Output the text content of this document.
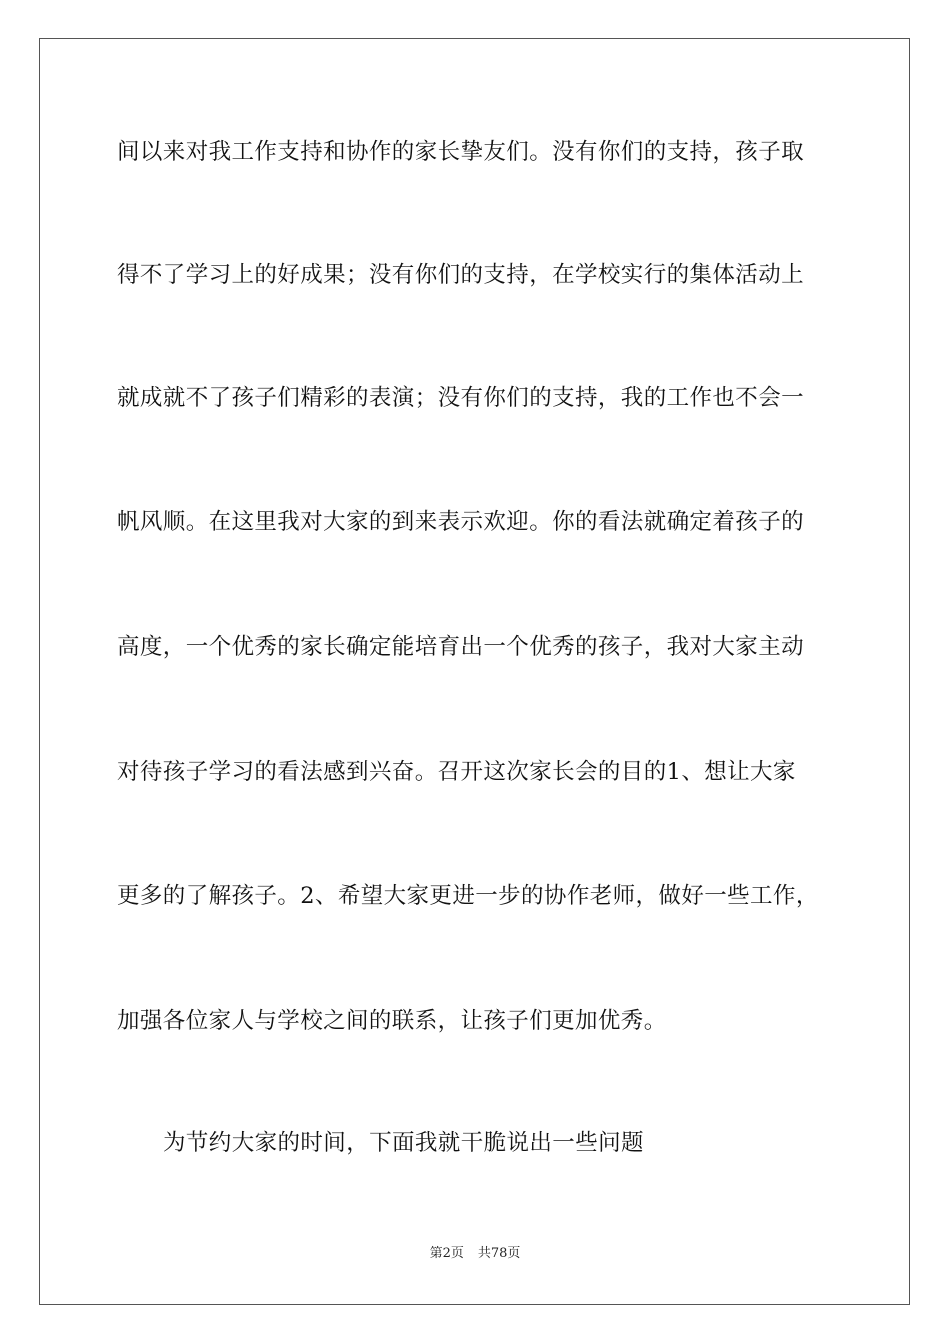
间以来对我工作支持和协作的家长挚友们。没有你们的支持，孩子取
得不了学习上的好成果；没有你们的支持，在学校实行的集体活动上
就成就不了孩子们精彩的表演；没有你们的支持，我的工作也不会一
帆风顺。在这里我对大家的到来表示欢迎。你的看法就确定着孩子的
高度，一个优秀的家长确定能培育出一个优秀的孩子，我对大家主动
对待孩子学习的看法感到兴奋。召开这次家长会的目的1、想让大家
更多的了解孩子。2、希望大家更进一步的协作老师，做好一些工作，
加强各位家人与学校之间的联系，让孩子们更加优秀。
为节约大家的时间，下面我就干脆说出一些问题
第2页 共78页
